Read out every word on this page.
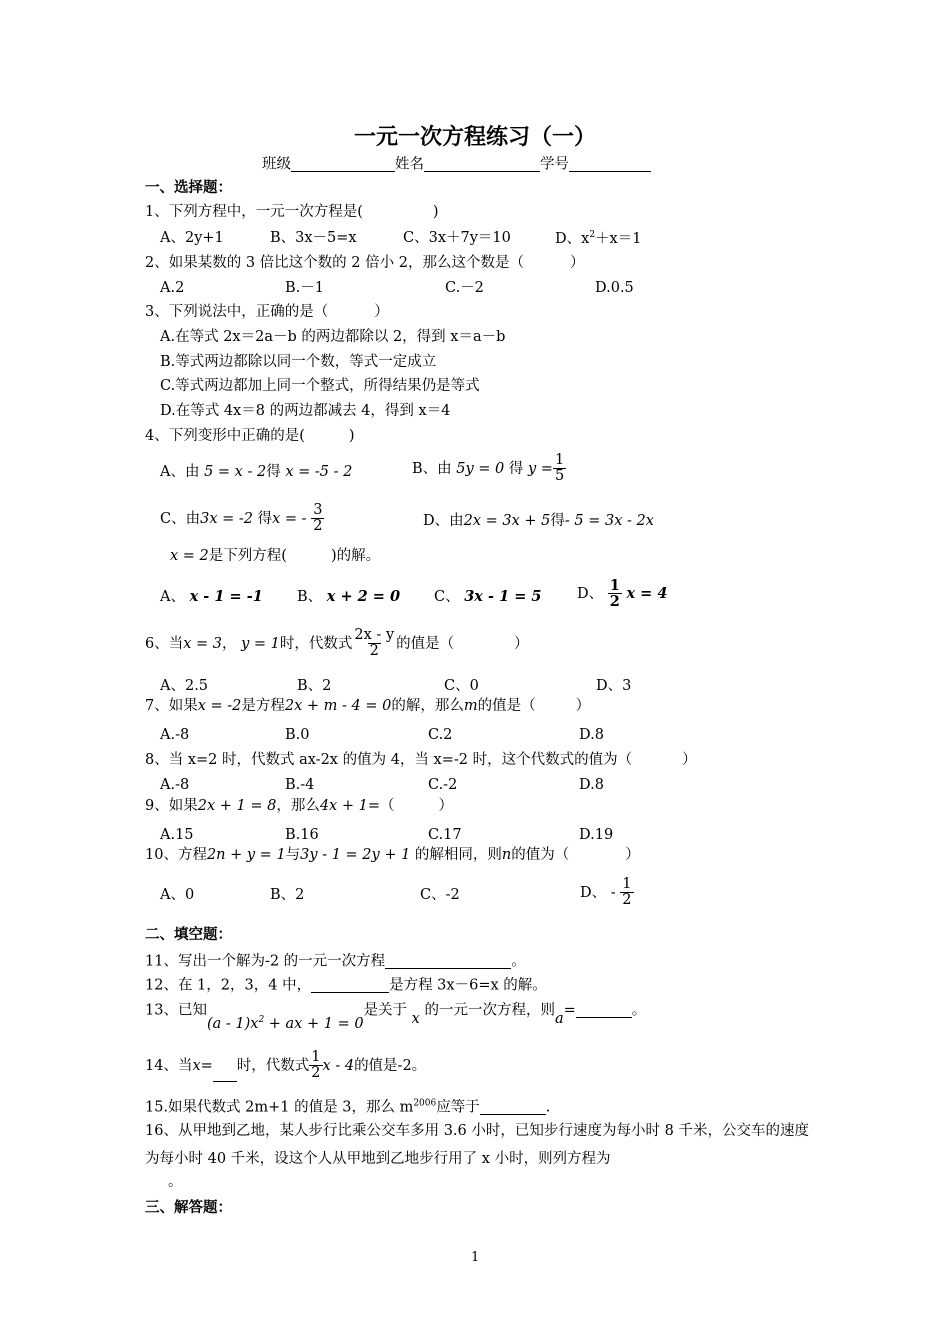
一元一次方程练习（一）
班级	姓名	学号
一、选择题：
1、下列方程中，一元一次方程是(	)
A、2y+1	B、3x－5=x	C、3x＋7y＝10	D、$x^2+x=1$
2、如果某数的 3 倍比这个数的 2 倍小 2，那么这个数是（	）
A.2	B.－1	C.－2	D.0.5
3、下列说法中，正确的是（	）
A.在等式 2x＝2a－b 的两边都除以 2，得到 x＝a－b
B.等式两边都除以同一个数，等式一定成立
C.等式两边都加上同一个整式，所得结果仍是等式
D.在等式 4x＝8 的两边都减去 4，得到 x＝4
4、下列变形中正确的是(	)
A、由 5 = x - 2得 x = -5 - 2	B、由 5y = 0 得 $y = \frac{1}{5}$
C、由3x = -2 得x = - $\frac{3}{2}$	D、由2x = 3x + 5得- 5 = 3x - 2x
x = 2是下列方程(	)的解。
A、 x - 1 = -1 B、 x + 2 = 0 C、 3x - 1 = 5 D、 $\frac{1}{2}$ x = 4
6、当x = 3， y = 1时，代数式 $\frac{2x - y}{2}$ 的值是（	）
A、2.5	B、2	C、0	D、3
7、如果x = -2是方程2x + m - 4 = 0的解，那么m的值是（	）
A.-8	B.0	C.2	D.8
8、当 x=2 时，代数式 ax-2x 的值为 4，当 x=-2 时，这个代数式的值为（	）
A.-8	B.-4	C.-2	D.8
9、如果2x + 1 = 8，那么4x + 1=（	）
A.15	B.16	C.17	D.19
10、方程2n + y = 1与3y - 1 = 2y + 1 的解相同，则n的值为（	）
A、0	B、2	C、-2	D、 - $\frac{1}{2}$
二、填空题：
11、写出一个解为-2 的一元一次方程	。
12、在 1，2，3，4 中，	是方程 3x－6=x 的解。
13、已知$(a - 1)x^2$ + ax + 1 = 0是关于 x 的一元一次方程，则a=	。
14、当x= 时，代数式 $\frac{1}{2}$ x - 4的值是-2。
15.如果代数式 2m+1 的值是 3，那么 $m^{2006}$应等于	.
16、从甲地到乙地，某人步行比乘公交车多用 3.6 小时，已知步行速度为每小时 8 千米，公交车的速度为每小时 40 千米，设这个人从甲地到乙地步行用了 x 小时，则列方程为
。
三、解答题：
1
